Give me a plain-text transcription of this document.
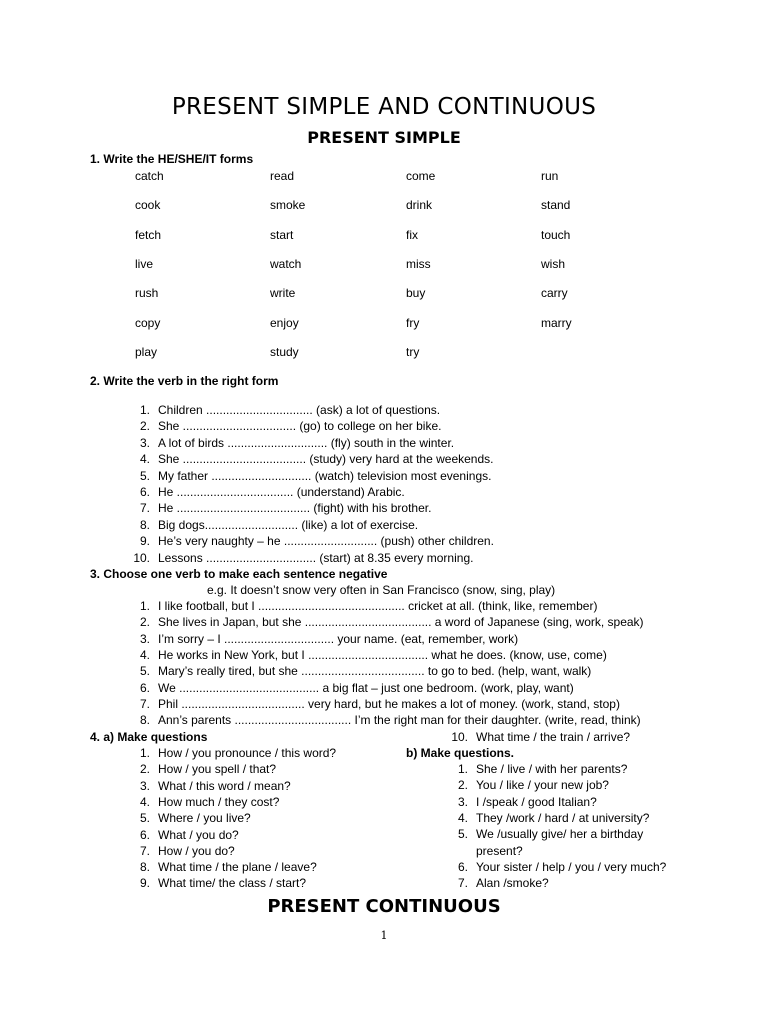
PRESENT SIMPLE AND CONTINUOUS
PRESENT SIMPLE
1. Write the HE/SHE/IT forms
catch	read	come	run
cook	smoke	drink	stand
fetch	start	fix	touch
live	watch	miss	wish
rush	write	buy	carry
copy	enjoy	fry	marry
play	study	try
2. Write the verb in the right form
1. Children ................................ (ask) a lot of questions.
2. She .................................. (go) to college on her bike.
3. A lot of birds .............................. (fly) south in the winter.
4. She ..................................... (study) very hard at the weekends.
5. My father .............................. (watch) television most evenings.
6. He ................................... (understand) Arabic.
7. He ........................................ (fight) with his brother.
8. Big dogs............................ (like) a lot of exercise.
9. He’s very naughty – he ............................ (push) other children.
10. Lessons ................................. (start) at 8.35 every morning.
3. Choose one verb to make each sentence negative
e.g. It doesn’t snow very often in San Francisco (snow, sing, play)
1. I like football, but I ............................................ cricket at all. (think, like, remember)
2. She lives in Japan, but she ...................................... a word of Japanese (sing, work, speak)
3. I’m sorry – I ................................. your name. (eat, remember, work)
4. He works in New York, but I .................................... what he does. (know, use, come)
5. Mary’s really tired, but she ..................................... to go to bed. (help, want, walk)
6. We .......................................... a big flat – just one bedroom. (work, play, want)
7. Phil ..................................... very hard, but he makes a lot of money. (work, stand, stop)
8. Ann’s parents ................................... I’m the right man for their daughter. (write, read, think)
4. a) Make questions
1. How / you pronounce / this word?
2. How / you spell / that?
3. What / this word / mean?
4. How much / they cost?
5. Where / you live?
6. What / you do?
7. How / you do?
8. What time / the plane / leave?
9. What time/ the class / start?
10. What time / the train / arrive?
b) Make questions.
1. She / live / with her parents?
2. You / like / your new job?
3. I /speak / good Italian?
4. They /work / hard / at university?
5. We /usually give/ her a birthday
present?
6. Your sister / help / you / very much?
7. Alan /smoke?
PRESENT CONTINUOUS
1
